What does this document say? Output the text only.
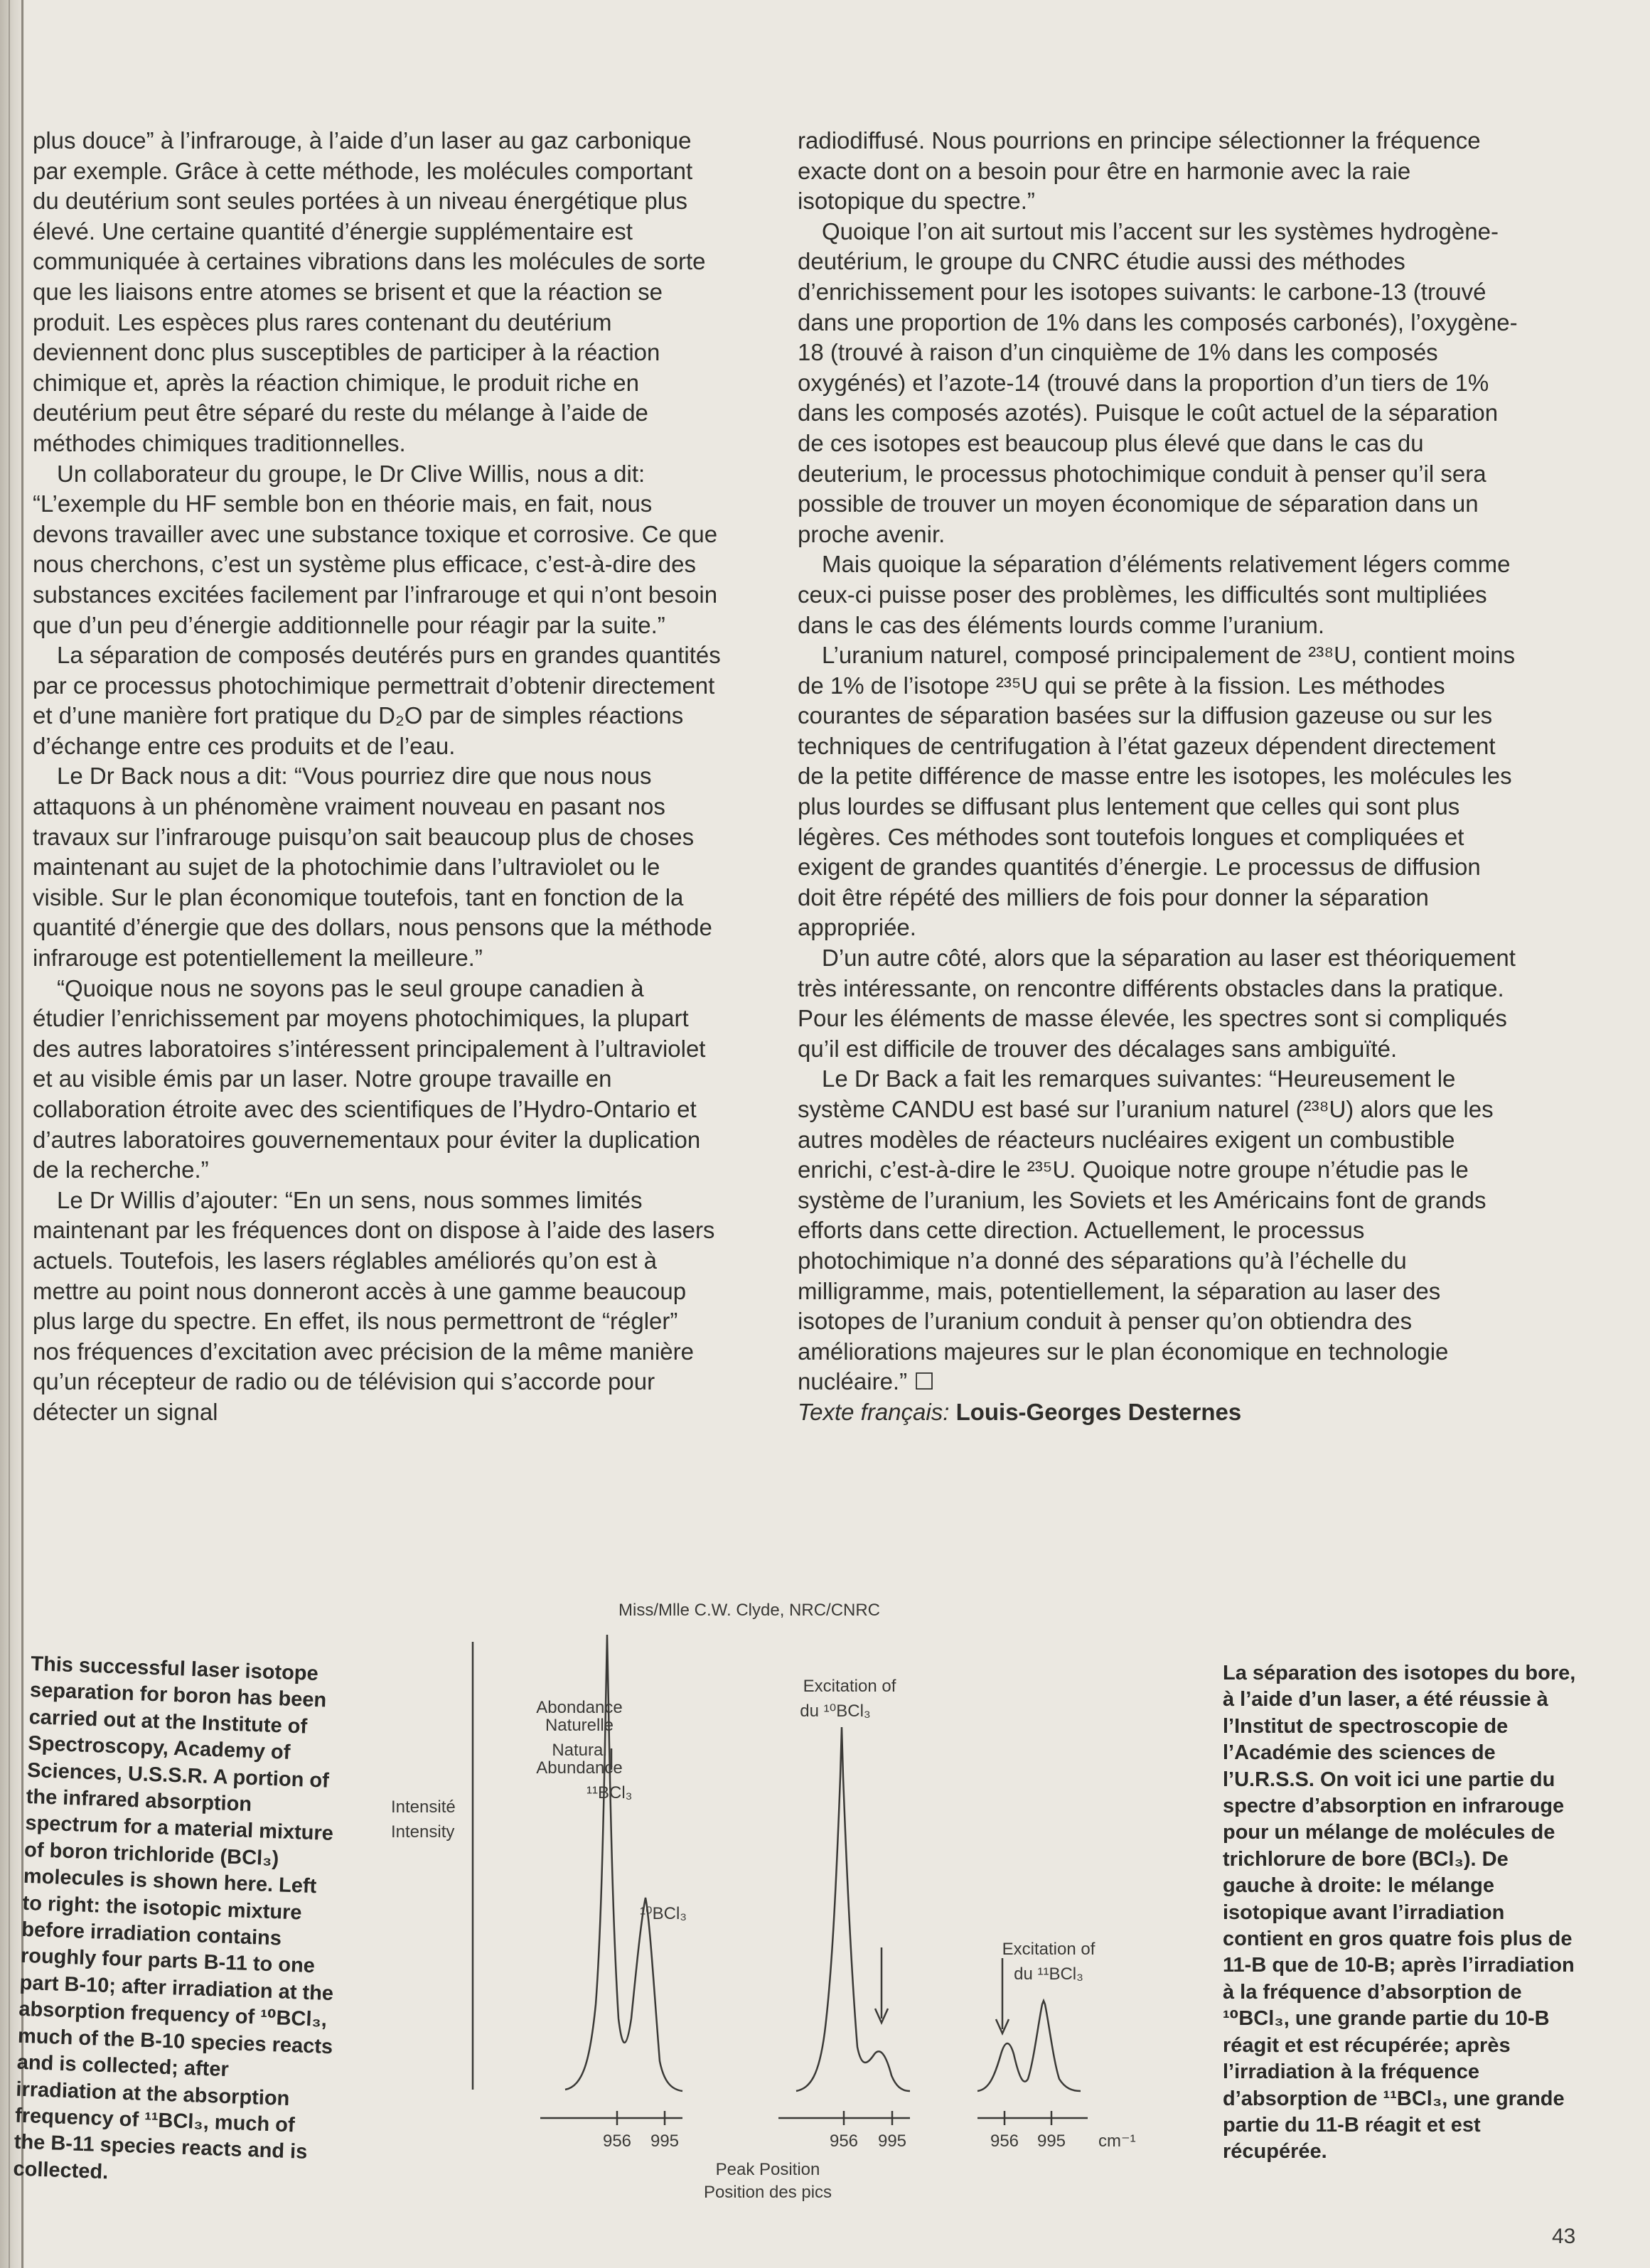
plus douce” à l’infrarouge, à l’aide d’un laser au gaz carbonique par exemple. Grâce à cette méthode, les molécules comportant du deutérium sont seules portées à un niveau énergétique plus élevé. Une certaine quantité d’énergie supplémentaire est communiquée à certaines vibrations dans les molécules de sorte que les liaisons entre atomes se brisent et que la réaction se produit. Les espèces plus rares contenant du deutérium deviennent donc plus susceptibles de participer à la réaction chimique et, après la réaction chimique, le produit riche en deutérium peut être séparé du reste du mélange à l’aide de méthodes chimiques traditionnelles.

Un collaborateur du groupe, le Dr Clive Willis, nous a dit: “L’exemple du HF semble bon en théorie mais, en fait, nous devons travailler avec une substance toxique et corrosive. Ce que nous cherchons, c’est un système plus efficace, c’est-à-dire des substances excitées facilement par l’infrarouge et qui n’ont besoin que d’un peu d’énergie additionnelle pour réagir par la suite.”

La séparation de composés deutérés purs en grandes quantités par ce processus photochimique permettrait d’obtenir directement et d’une manière fort pratique du D₂O par de simples réactions d’échange entre ces produits et de l’eau.

Le Dr Back nous a dit: “Vous pourriez dire que nous nous attaquons à un phénomène vraiment nouveau en pasant nos travaux sur l’infrarouge puisqu’on sait beaucoup plus de choses maintenant au sujet de la photochimie dans l’ultraviolet ou le visible. Sur le plan économique toutefois, tant en fonction de la quantité d’énergie que des dollars, nous pensons que la méthode infrarouge est potentiellement la meilleure.”

“Quoique nous ne soyons pas le seul groupe canadien à étudier l’enrichissement par moyens photochimiques, la plupart des autres laboratoires s’intéressent principalement à l’ultraviolet et au visible émis par un laser. Notre groupe travaille en collaboration étroite avec des scientifiques de l’Hydro-Ontario et d’autres laboratoires gouvernementaux pour éviter la duplication de la recherche.”

Le Dr Willis d’ajouter: “En un sens, nous sommes limités maintenant par les fréquences dont on dispose à l’aide des lasers actuels. Toutefois, les lasers réglables améliorés qu’on est à mettre au point nous donneront accès à une gamme beaucoup plus large du spectre. En effet, ils nous permettront de “régler” nos fréquences d’excitation avec précision de la même manière qu’un récepteur de radio ou de télévision qui s’accorde pour détecter un signal

radiodiffusé. Nous pourrions en principe sélectionner la fréquence exacte dont on a besoin pour être en harmonie avec la raie isotopique du spectre.”

Quoique l’on ait surtout mis l’accent sur les systèmes hydrogène-deutérium, le groupe du CNRC étudie aussi des méthodes d’enrichissement pour les isotopes suivants: le carbone-13 (trouvé dans une proportion de 1% dans les composés carbonés), l’oxygène-18 (trouvé à raison d’un cinquième de 1% dans les composés oxygénés) et l’azote-14 (trouvé dans la proportion d’un tiers de 1% dans les composés azotés). Puisque le coût actuel de la séparation de ces isotopes est beaucoup plus élevé que dans le cas du deuterium, le processus photochimique conduit à penser qu’il sera possible de trouver un moyen économique de séparation dans un proche avenir.

Mais quoique la séparation d’éléments relativement légers comme ceux-ci puisse poser des problèmes, les difficultés sont multipliées dans le cas des éléments lourds comme l’uranium.

L’uranium naturel, composé principalement de ²³⁸U, contient moins de 1% de l’isotope ²³⁵U qui se prête à la fission. Les méthodes courantes de séparation basées sur la diffusion gazeuse ou sur les techniques de centrifugation à l’état gazeux dépendent directement de la petite différence de masse entre les isotopes, les molécules les plus lourdes se diffusant plus lentement que celles qui sont plus légères. Ces méthodes sont toutefois longues et compliquées et exigent de grandes quantités d’énergie. Le processus de diffusion doit être répété des milliers de fois pour donner la séparation appropriée.

D’un autre côté, alors que la séparation au laser est théoriquement très intéressante, on rencontre différents obstacles dans la pratique. Pour les éléments de masse élevée, les spectres sont si compliqués qu’il est difficile de trouver des décalages sans ambiguïté.

Le Dr Back a fait les remarques suivantes: “Heureusement le système CANDU est basé sur l’uranium naturel (²³⁸U) alors que les autres modèles de réacteurs nucléaires exigent un combustible enrichi, c’est-à-dire le ²³⁵U. Quoique notre groupe n’étudie pas le système de l’uranium, les Soviets et les Américains font de grands efforts dans cette direction. Actuellement, le processus photochimique n’a donné des séparations qu’à l’échelle du milligramme, mais, potentiellement, la séparation au laser des isotopes de l’uranium conduit à penser qu’on obtiendra des améliorations majeures sur le plan économique en technologie nucléaire.” ☐

Texte français: Louis-Georges Desternes

Miss/Mlle C.W. Clyde, NRC/CNRC
This successful laser isotope separation for boron has been carried out at the Institute of Spectroscopy, Academy of Sciences, U.S.S.R. A portion of the infrared absorption spectrum for a material mixture of boron trichloride (BCl₃) molecules is shown here. Left to right: the isotopic mixture before irradiation contains roughly four parts B-11 to one part B-10; after irradiation at the absorption frequency of ¹⁰BCl₃, much of the B-10 species reacts and is collected; after irradiation at the absorption frequency of ¹¹BCl₃, much of the B-11 species reacts and is collected.
La séparation des isotopes du bore, à l’aide d’un laser, a été réussie à l’Institut de spectroscopie de l’Académie des sciences de l’U.R.S.S. On voit ici une partie du spectre d’absorption en infrarouge pour un mélange de molécules de trichlorure de bore (BCl₃). De gauche à droite: le mélange isotopique avant l’irradiation contient en gros quatre fois plus de 11-B que de 10-B; après l’irradiation à la fréquence d’absorption de ¹⁰BCl₃, une grande partie du 10-B réagit et est récupérée; après l’irradiation à la fréquence d’absorption de ¹¹BCl₃, une grande partie du 11-B réagit et est récupérée.
Intensité
Intensity
Abondance
Naturelle
Natural
Abundance
¹¹BCl₃
¹⁰BCl₃
Excitation of
du ¹⁰BCl₃
Excitation of
du ¹¹BCl₃
956 995	956 995	956 995 cm⁻¹
Peak Position
Position des pics
43
